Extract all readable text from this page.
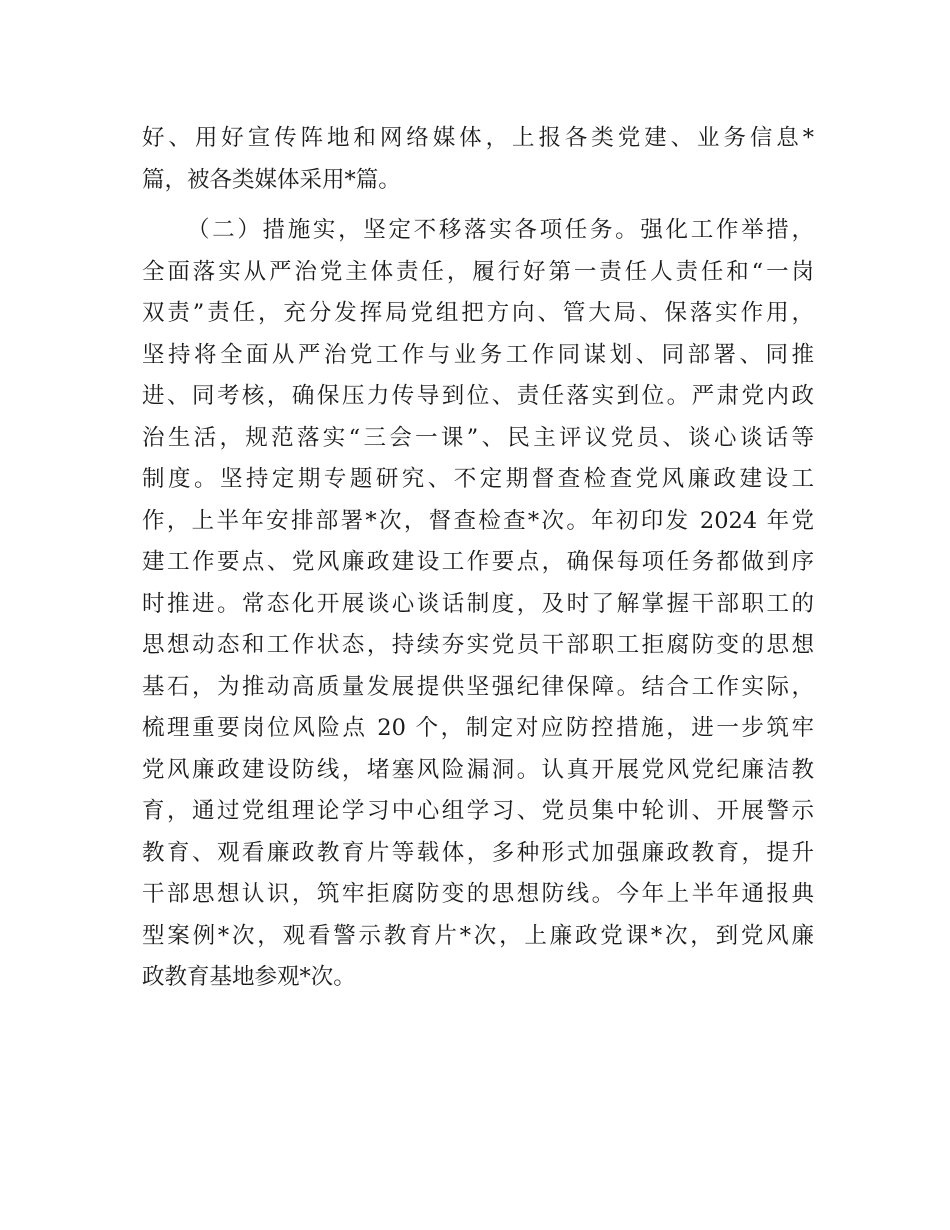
好、用好宣传阵地和网络媒体，上报各类党建、业务信息*
篇，被各类媒体采用*篇。
（二）措施实，坚定不移落实各项任务。强化工作举措，
全面落实从严治党主体责任，履行好第一责任人责任和“一岗
双责”责任，充分发挥局党组把方向、管大局、保落实作用，
坚持将全面从严治党工作与业务工作同谋划、同部署、同推
进、同考核，确保压力传导到位、责任落实到位。严肃党内政
治生活，规范落实“三会一课”、民主评议党员、谈心谈话等
制度。坚持定期专题研究、不定期督查检查党风廉政建设工
作，上半年安排部署*次，督查检查*次。年初印发 2024 年党
建工作要点、党风廉政建设工作要点，确保每项任务都做到序
时推进。常态化开展谈心谈话制度，及时了解掌握干部职工的
思想动态和工作状态，持续夯实党员干部职工拒腐防变的思想
基石，为推动高质量发展提供坚强纪律保障。结合工作实际，
梳理重要岗位风险点 20 个，制定对应防控措施，进一步筑牢
党风廉政建设防线，堵塞风险漏洞。认真开展党风党纪廉洁教
育，通过党组理论学习中心组学习、党员集中轮训、开展警示
教育、观看廉政教育片等载体，多种形式加强廉政教育，提升
干部思想认识，筑牢拒腐防变的思想防线。今年上半年通报典
型案例*次，观看警示教育片*次，上廉政党课*次，到党风廉
政教育基地参观*次。
